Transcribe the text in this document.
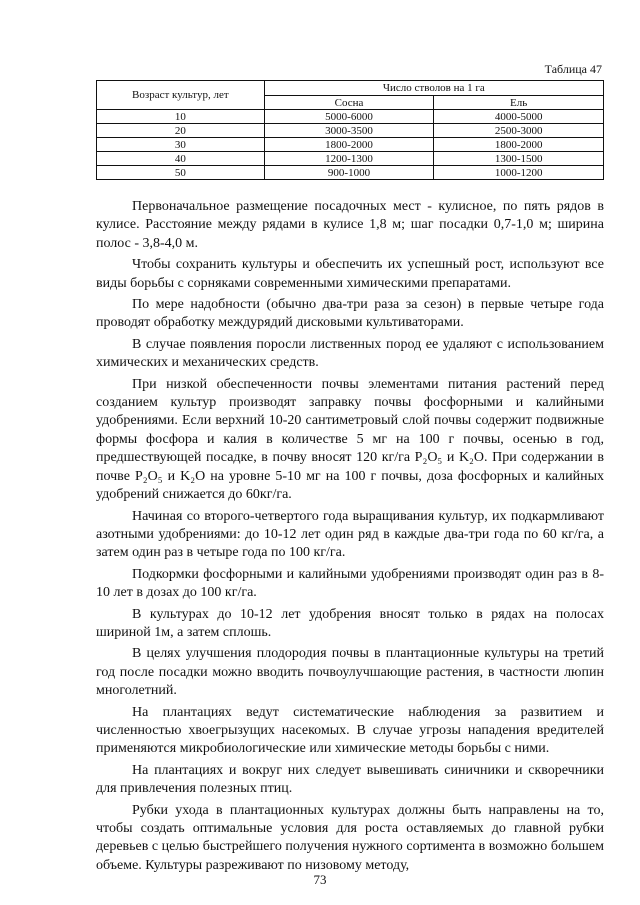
Таблица 47
Возраст культур, лет	Число стволов на 1 га	
	Сосна	Ель
10	5000-6000	4000-5000
20	3000-3500	2500-3000
30	1800-2000	1800-2000
40	1200-1300	1300-1500
50	900-1000	1000-1200

Первоначальное размещение посадочных мест - кулисное, по пять рядов в кулисе. Расстояние между рядами в кулисе 1,8 м; шаг посадки 0,7-1,0 м; ширина полос - 3,8-4,0 м.

Чтобы сохранить культуры и обеспечить их успешный рост, используют все виды борьбы с сорняками современными химическими препаратами.

По мере надобности (обычно два-три раза за сезон) в первые четыре года проводят обработку междурядий дисковыми культиваторами.

В случае появления поросли лиственных пород ее удаляют с использованием химических и механических средств.

При низкой обеспеченности почвы элементами питания растений перед созданием культур производят заправку почвы фосфорными и калийными удобрениями. Если верхний 10-20 сантиметровый слой почвы содержит подвижные формы фосфора и калия в количестве 5 мг на 100 г почвы, осенью в год, предшествующей посадке, в почву вносят 120 кг/га P₂O₅ и K₂O. При содержании в почве P₂O₅ и K₂O на уровне 5-10 мг на 100 г почвы, доза фосфорных и калийных удобрений снижается до 60кг/га.

Начиная со второго-четвертого года выращивания культур, их подкармливают азотными удобрениями: до 10-12 лет один ряд в каждые два-три года по 60 кг/га, а затем один раз в четыре года по 100 кг/га.

Подкормки фосфорными и калийными удобрениями производят один раз в 8-10 лет в дозах до 100 кг/га.

В культурах до 10-12 лет удобрения вносят только в рядах на полосах шириной 1м, а затем сплошь.

В целях улучшения плодородия почвы в плантационные культуры на третий год после посадки можно вводить почвоулучшающие растения, в частности люпин многолетний.

На плантациях ведут систематические наблюдения за развитием и численностью хвоегрызущих насекомых. В случае угрозы нападения вредителей применяются микробиологические или химические методы борьбы с ними.

На плантациях и вокруг них следует вывешивать синичники и скворечники для привлечения полезных птиц.

Рубки ухода в плантационных культурах должны быть направлены на то, чтобы создать оптимальные условия для роста оставляемых до главной рубки деревьев с целью быстрейшего получения нужного сортимента в возможно большем объеме. Культуры разреживают по низовому методу,

73
